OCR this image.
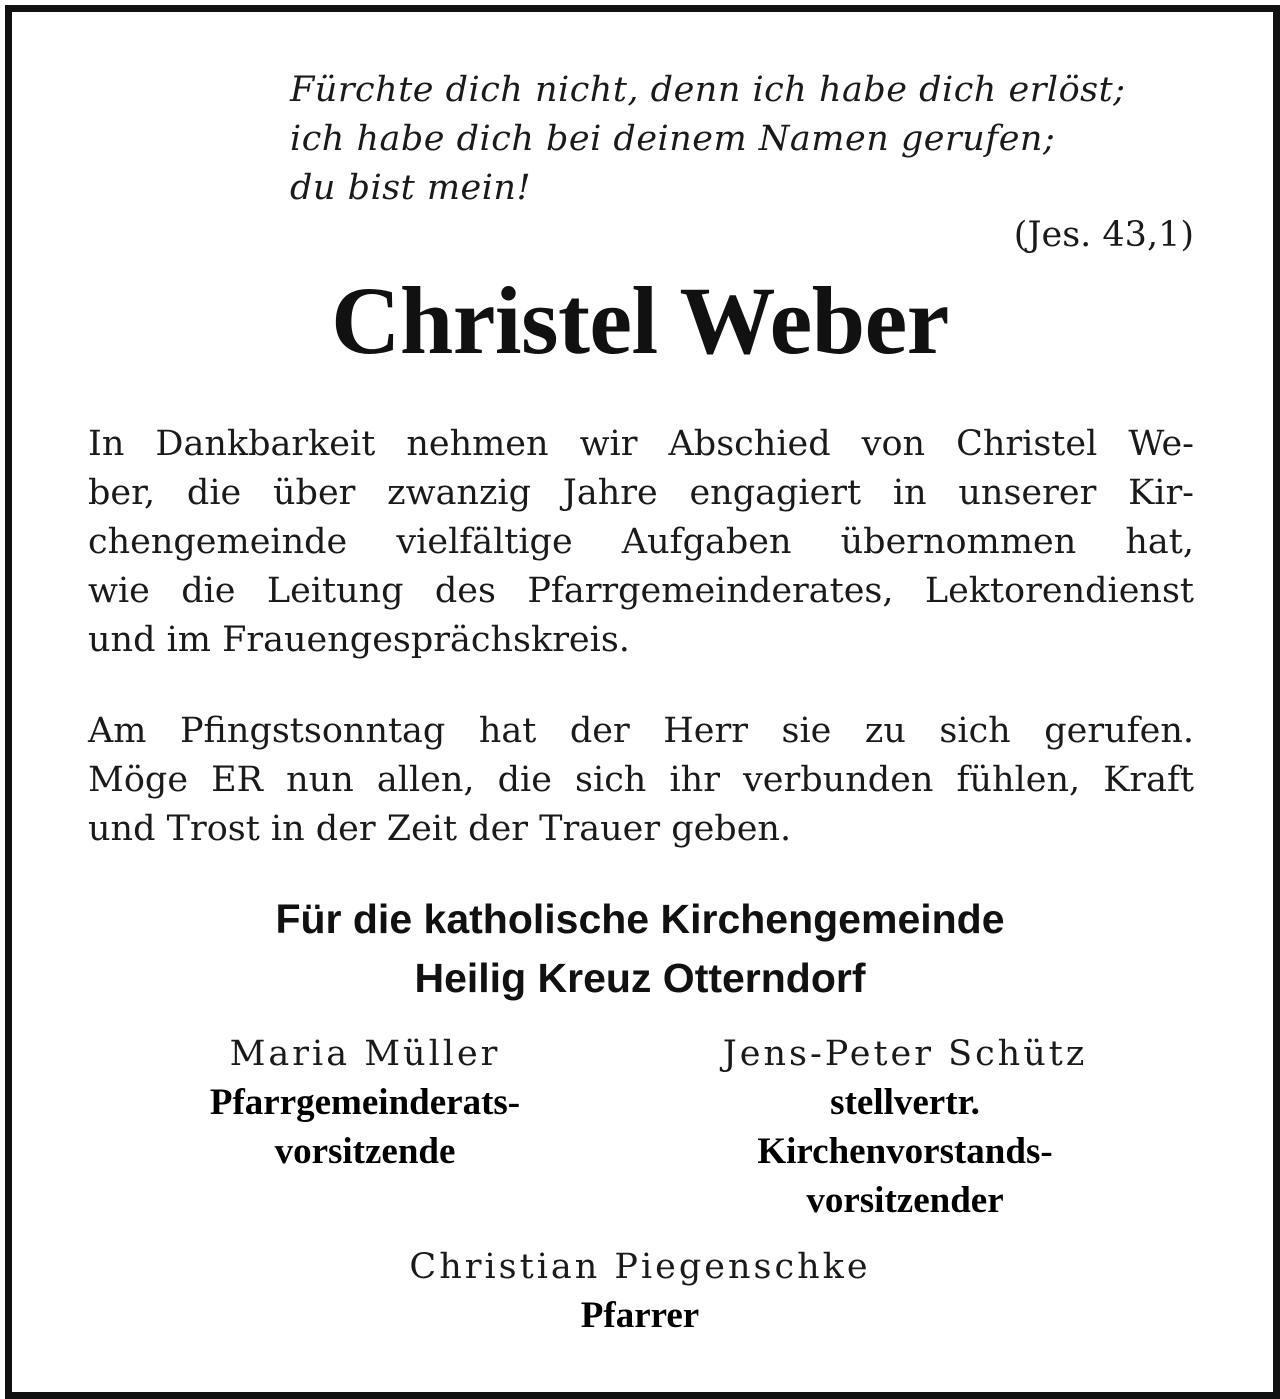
Fürchte dich nicht, denn ich habe dich erlöst;
ich habe dich bei deinem Namen gerufen;
du bist mein!
(Jes. 43,1)
Christel Weber
In Dankbarkeit nehmen wir Abschied von Christel We-
ber, die über zwanzig Jahre engagiert in unserer Kir-
chengemeinde vielfältige Aufgaben übernommen hat,
wie die Leitung des Pfarrgemeinderates, Lektorendienst
und im Frauengesprächskreis.
Am Pfingstsonntag hat der Herr sie zu sich gerufen.
Möge ER nun allen, die sich ihr verbunden fühlen, Kraft
und Trost in der Zeit der Trauer geben.
Für die katholische Kirchengemeinde
Heilig Kreuz Otterndorf
Maria Müller
Pfarrgemeinderats-
vorsitzende
Jens-Peter Schütz
stellvertr.
Kirchenvorstands-
vorsitzender
Christian Piegenschke
Pfarrer
